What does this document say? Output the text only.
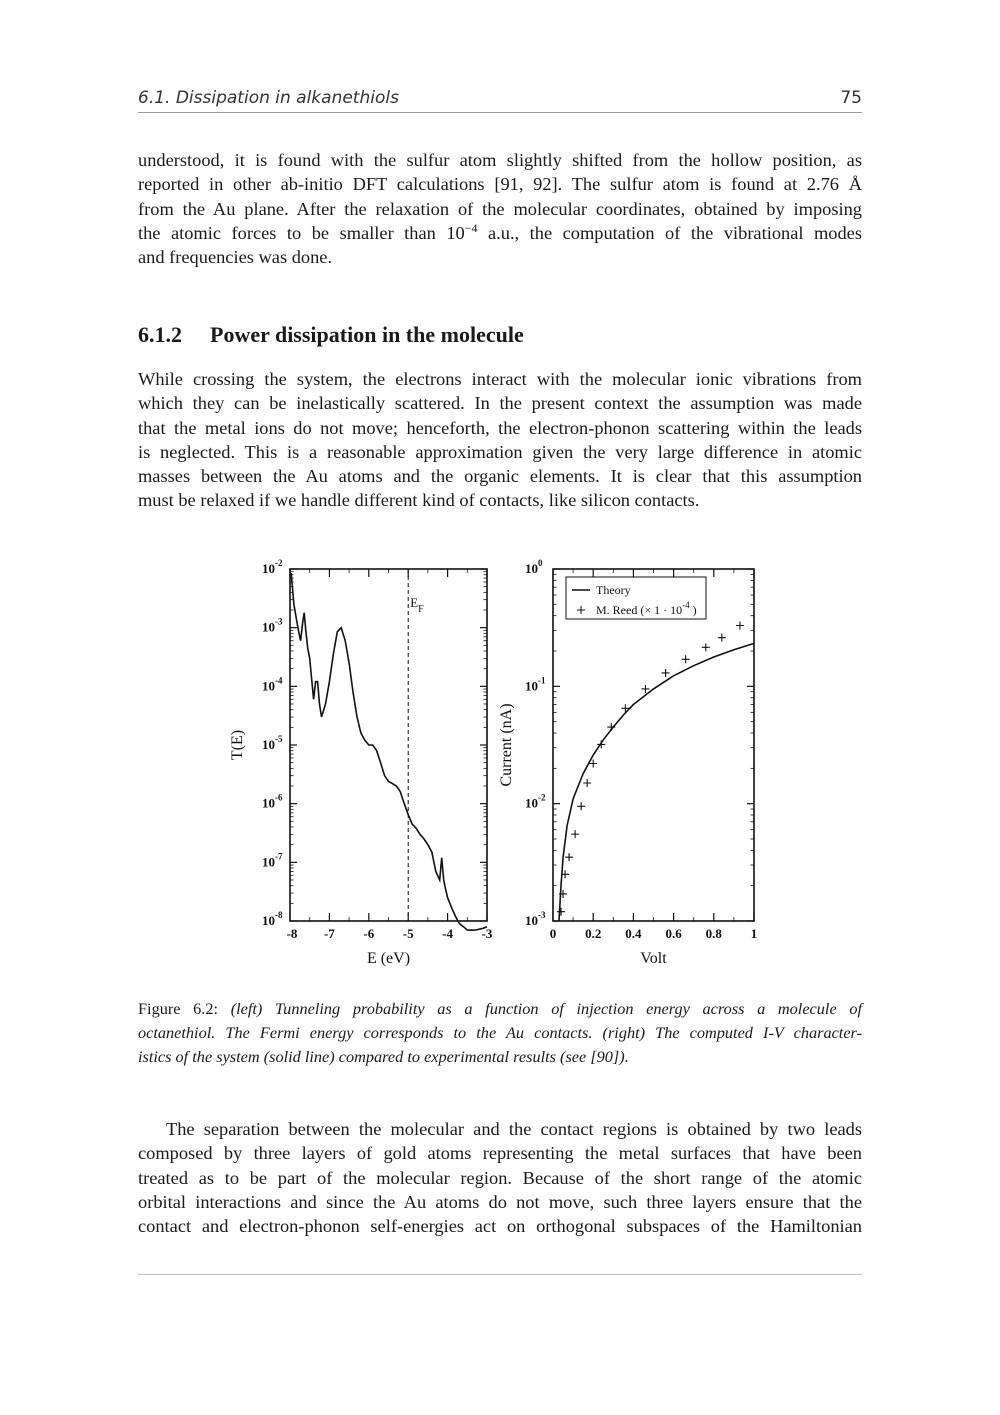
6.1. Dissipation in alkanethiols	75
understood, it is found with the sulfur atom slightly shifted from the hollow position, as
reported in other ab-initio DFT calculations [91, 92]. The sulfur atom is found at 2.76 Å
from the Au plane. After the relaxation of the molecular coordinates, obtained by imposing
the atomic forces to be smaller than $10^{-4}$ a.u., the computation of the vibrational modes
and frequencies was done.
6.1.2 Power dissipation in the molecule
While crossing the system, the electrons interact with the molecular ionic vibrations from
which they can be inelastically scattered. In the present context the assumption was made
that the metal ions do not move; henceforth, the electron-phonon scattering within the leads
is neglected. This is a reasonable approximation given the very large difference in atomic
masses between the Au atoms and the organic elements. It is clear that this assumption
must be relaxed if we handle different kind of contacts, like silicon contacts.
$10^{-8}$
$10^{-7}$
$10^{-6}$
$10^{-5}$
$10^{-4}$
$10^{-3}$
$10^{-2}$
-8 -7 -6 -5 -4 -3
E (eV)
T(E)
$E_F$
$10^{-3}$
$10^{-2}$
$10^{-1}$
$10^0$
0 0.2 0.4 0.6 0.8 1
Volt
Current (nA)
Theory
M. Reed (× $1 \cdot 10^{-4}$ )
Figure 6.2: (left) Tunneling probability as a function of injection energy across a molecule of
octanethiol. The Fermi energy corresponds to the Au contacts. (right) The computed I-V character-
istics of the system (solid line) compared to experimental results (see [90]).
The separation between the molecular and the contact regions is obtained by two leads
composed by three layers of gold atoms representing the metal surfaces that have been
treated as to be part of the molecular region. Because of the short range of the atomic
orbital interactions and since the Au atoms do not move, such three layers ensure that the
contact and electron-phonon self-energies act on orthogonal subspaces of the Hamiltonian
